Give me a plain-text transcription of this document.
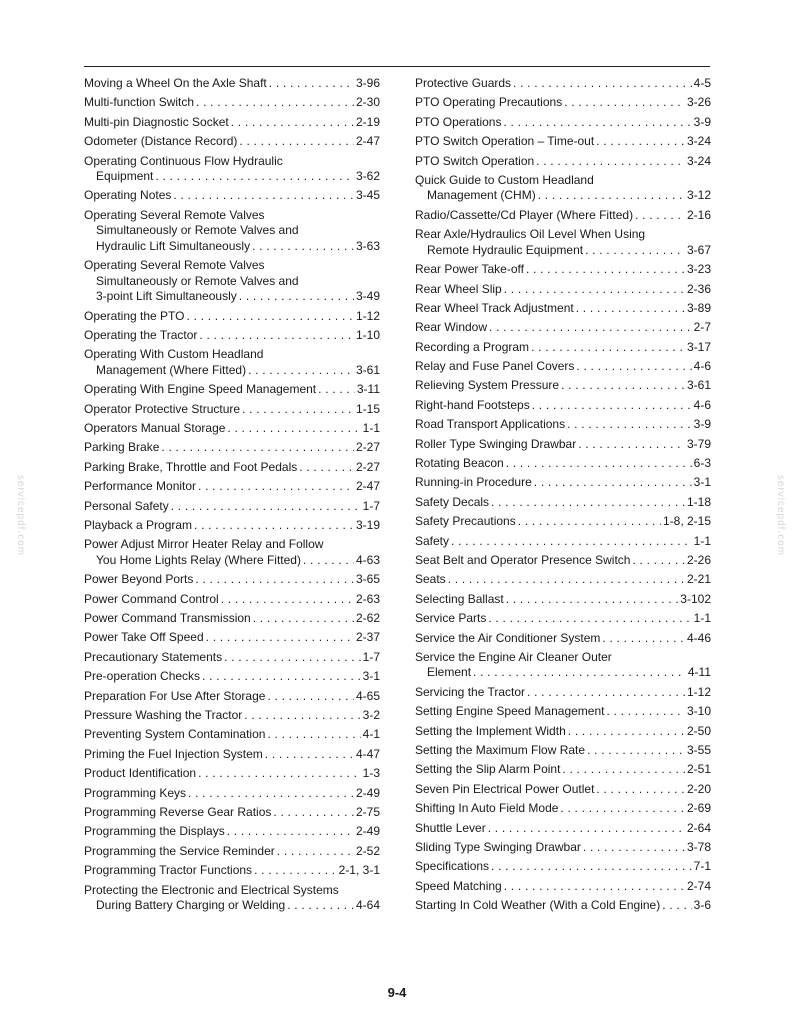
Moving a Wheel On the Axle Shaft . . .	3-96
Multi-function Switch . . .	2-30
Multi-pin Diagnostic Socket . . .	2-19
Odometer (Distance Record) . . .	2-47
Operating Continuous Flow Hydraulic
Equipment . . .	3-62
Operating Notes . . .	3-45
Operating Several Remote Valves
Simultaneously or Remote Valves and
Hydraulic Lift Simultaneously . . .	3-63
Operating Several Remote Valves
Simultaneously or Remote Valves and
3-point Lift Simultaneously . . .	3-49
Operating the PTO . . .	1-12
Operating the Tractor . . .	1-10
Operating With Custom Headland
Management (Where Fitted) . . .	3-61
Operating With Engine Speed Management . . .	3-11
Operator Protective Structure . . .	1-15
Operators Manual Storage . . .	1-1
Parking Brake . . .	2-27
Parking Brake, Throttle and Foot Pedals . . .	2-27
Performance Monitor . . .	2-47
Personal Safety . . .	1-7
Playback a Program . . .	3-19
Power Adjust Mirror Heater Relay and Follow
You Home Lights Relay (Where Fitted) . . .	4-63
Power Beyond Ports . . .	3-65
Power Command Control . . .	2-63
Power Command Transmission . . .	2-62
Power Take Off Speed . . .	2-37
Precautionary Statements . . .	1-7
Pre-operation Checks . . .	3-1
Preparation For Use After Storage . . .	4-65
Pressure Washing the Tractor . . .	3-2
Preventing System Contamination . . .	4-1
Priming the Fuel Injection System . . .	4-47
Product Identification . . .	1-3
Programming Keys . . .	2-49
Programming Reverse Gear Ratios . . .	2-75
Programming the Displays . . .	2-49
Programming the Service Reminder . . .	2-52
Programming Tractor Functions . . .	2-1, 3-1
Protecting the Electronic and Electrical Systems
During Battery Charging or Welding . . .	4-64
Protective Guards . . .	4-5
PTO Operating Precautions . . .	3-26
PTO Operations . . .	3-9
PTO Switch Operation – Time-out . . .	3-24
PTO Switch Operation . . .	3-24
Quick Guide to Custom Headland
Management (CHM) . . .	3-12
Radio/Cassette/Cd Player (Where Fitted) . . .	2-16
Rear Axle/Hydraulics Oil Level When Using
Remote Hydraulic Equipment . . .	3-67
Rear Power Take-off . . .	3-23
Rear Wheel Slip . . .	2-36
Rear Wheel Track Adjustment . . .	3-89
Rear Window . . .	2-7
Recording a Program . . .	3-17
Relay and Fuse Panel Covers . . .	4-6
Relieving System Pressure . . .	3-61
Right-hand Footsteps . . .	4-6
Road Transport Applications . . .	3-9
Roller Type Swinging Drawbar . . .	3-79
Rotating Beacon . . .	6-3
Running-in Procedure . . .	3-1
Safety Decals . . .	1-18
Safety Precautions . . .	1-8, 2-15
Safety . . .	1-1
Seat Belt and Operator Presence Switch . . .	2-26
Seats . . .	2-21
Selecting Ballast . . .	3-102
Service Parts . . .	1-1
Service the Air Conditioner System . . .	4-46
Service the Engine Air Cleaner Outer
Element . . .	4-11
Servicing the Tractor . . .	1-12
Setting Engine Speed Management . . .	3-10
Setting the Implement Width . . .	2-50
Setting the Maximum Flow Rate . . .	3-55
Setting the Slip Alarm Point . . .	2-51
Seven Pin Electrical Power Outlet . . .	2-20
Shifting In Auto Field Mode . . .	2-69
Shuttle Lever . . .	2-64
Sliding Type Swinging Drawbar . . .	3-78
Specifications . . .	7-1
Speed Matching . . .	2-74
Starting In Cold Weather (With a Cold Engine) . . .	3-6
servicepdf.com	servicepdf.com
9-4
